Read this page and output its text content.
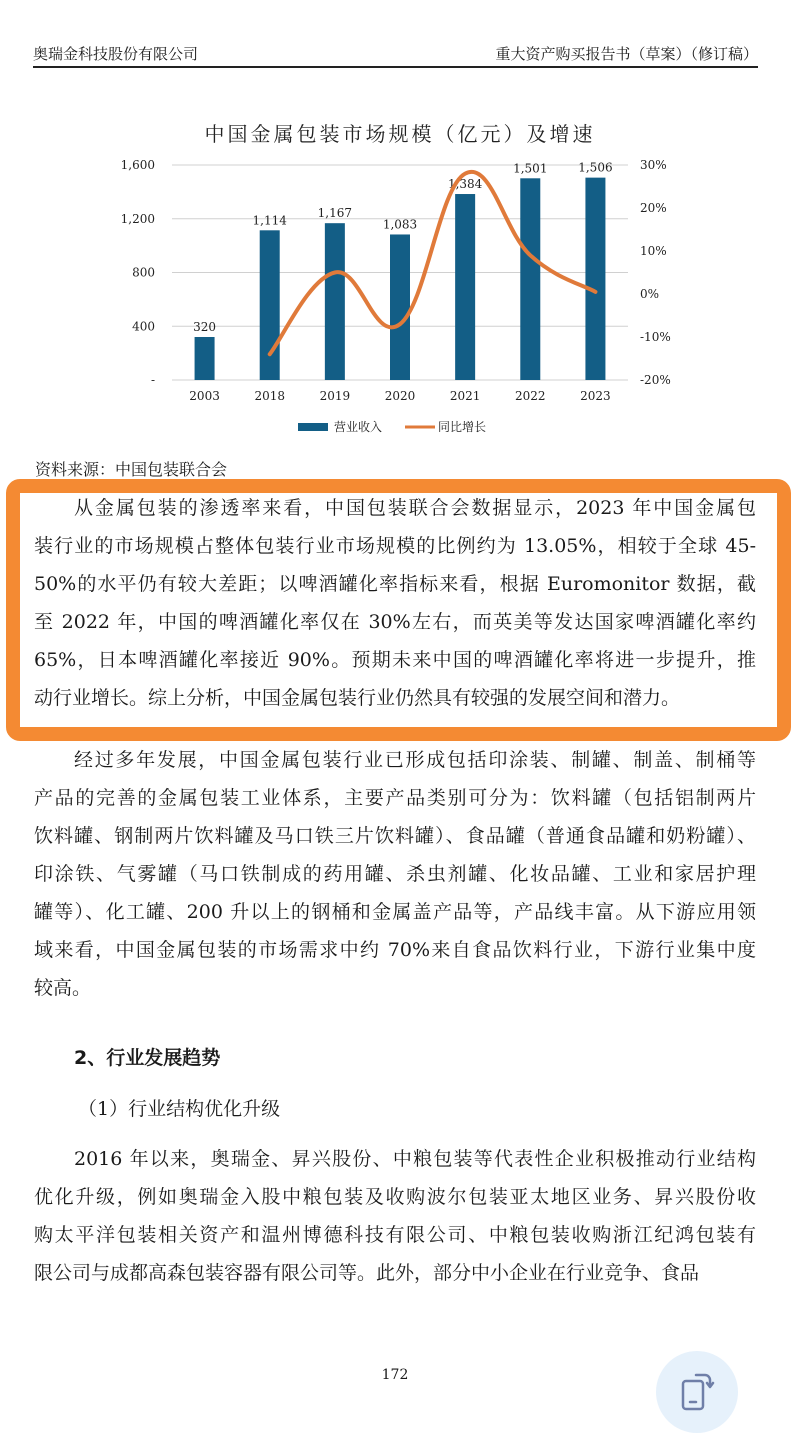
奥瑞金科技股份有限公司	重大资产购买报告书（草案）（修订稿）
中国金属包装市场规模（亿元）及增速
-
400
800
1,200
1,600
-20%
-10%
0%
10%
20%
30%
320
1,114
1,167
1,083
1,384
1,501	1,506
2003	2018	2019	2020	2021	2022	2023
营业收入	同比增长
资料来源：中国包装联合会
从金属包装的渗透率来看，中国包装联合会数据显示，2023 年中国金属包
装行业的市场规模占整体包装行业市场规模的比例约为 13.05%，相较于全球 45-
50%的水平仍有较大差距；以啤酒罐化率指标来看，根据 Euromonitor 数据，截
至 2022 年，中国的啤酒罐化率仅在 30%左右，而英美等发达国家啤酒罐化率约
65%，日本啤酒罐化率接近 90%。预期未来中国的啤酒罐化率将进一步提升，推
动行业增长。综上分析，中国金属包装行业仍然具有较强的发展空间和潜力。
经过多年发展，中国金属包装行业已形成包括印涂装、制罐、制盖、制桶等
产品的完善的金属包装工业体系，主要产品类别可分为：饮料罐（包括铝制两片
饮料罐、钢制两片饮料罐及马口铁三片饮料罐）、食品罐（普通食品罐和奶粉罐）、
印涂铁、气雾罐（马口铁制成的药用罐、杀虫剂罐、化妆品罐、工业和家居护理
罐等）、化工罐、200 升以上的钢桶和金属盖产品等，产品线丰富。从下游应用领
域来看，中国金属包装的市场需求中约 70%来自食品饮料行业，下游行业集中度
较高。
2、行业发展趋势
（1）行业结构优化升级
2016 年以来，奥瑞金、昇兴股份、中粮包装等代表性企业积极推动行业结构
优化升级，例如奥瑞金入股中粮包装及收购波尔包装亚太地区业务、昇兴股份收
购太平洋包装相关资产和温州博德科技有限公司、中粮包装收购浙江纪鸿包装有
限公司与成都高森包装容器有限公司等。此外，部分中小企业在行业竞争、食品
172
